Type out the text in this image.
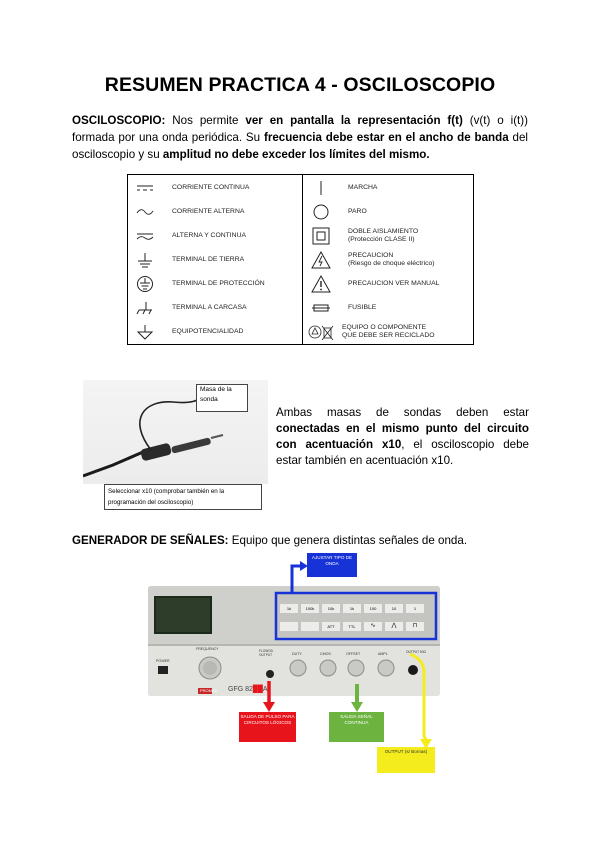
RESUMEN PRACTICA 4 - OSCILOSCOPIO
OSCILOSCOPIO: Nos permite ver en pantalla la representación f(t) (v(t) o i(t)) formada por una onda periódica. Su frecuencia debe estar en el ancho de banda del osciloscopio y su amplitud no debe exceder los límites del mismo.
CORRIENTE CONTINUA
CORRIENTE ALTERNA
ALTERNA Y CONTINUA
TERMINAL DE TIERRA
TERMINAL DE PROTECCIÓN
TERMINAL A CARCASA
EQUIPOTENCIALIDAD
MARCHA
PARO
DOBLE AISLAMIENTO
(Protección CLASE II)
PRECAUCION
(Riesgo de choque eléctrico)
PRECAUCION VER MANUAL
FUSIBLE
EQUIPO O COMPONENTE
QUE DEBE SER RECICLADO
Masa de la
sonda
Seleccionar x10 (comprobar también en la
programación del osciloscopio)
Ambas masas de sondas deben estar conectadas en el mismo punto del circuito con acentuación x10, el osciloscopio debe estar también en acentuación x10.
GENERADOR DE SEÑALES: Equipo que genera distintas señales de onda.
1k	100k	10k	1k	100	10	1
ATT	TTL	∿	⋀	⊓
FREQUENCY	FLOWOD OUTPUT	DUTY	CMOS	OFFSET	AMPL	OUTPUT 50Ω
POWER
PROMAX GFG 82██A
AJUSTAR TIPO DE ONDA
SALIDA DE PULSO PARA CIRCUITOS LÓGICOS
SALIDA SEÑAL CONTINUA
OUTPUT (s/ Bornas)
